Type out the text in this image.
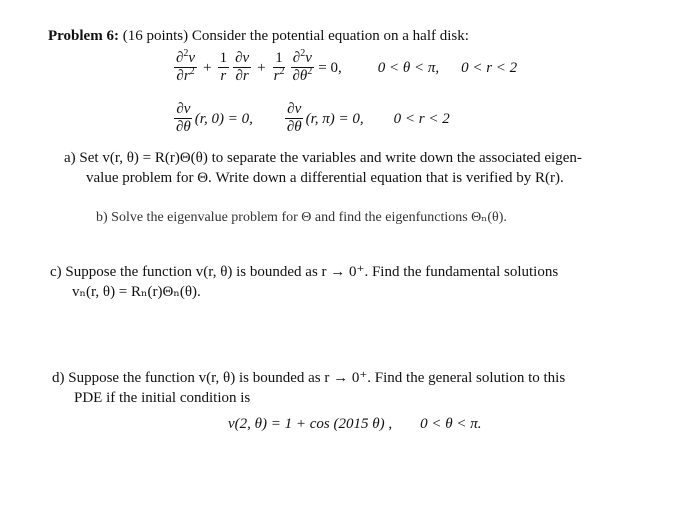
Problem 6: (16 points) Consider the potential equation on a half disk:
$\frac{\partial^2v}{\partial r^2} + \frac{1}{r} \frac{\partial v}{\partial r} + \frac{1}{r^2} \frac{\partial^2v}{\partial\theta^2} = 0$, 0 < θ < π, 0 < r < 2
$\frac{\partial v}{\partial\theta} (r$, 0) = 0, $\frac{\partial v}{\partial\theta} (r$, π) = 0, 0 < r < 2
a) Set v(r, θ) = R(r)Θ(θ) to separate the variables and write down the associated eigen-
value problem for Θ. Write down a differential equation that is verified by R(r).
b) Solve the eigenvalue problem for Θ and find the eigenfunctions Θₙ(θ).
c) Suppose the function v(r, θ) is bounded as r → 0⁺. Find the fundamental solutions
vₙ(r, θ) = Rₙ(r)Θₙ(θ).
d) Suppose the function v(r, θ) is bounded as r → 0⁺. Find the general solution to this
PDE if the initial condition is
v(2, θ) = 1 + cos (2015 θ) , 0 < θ < π.
